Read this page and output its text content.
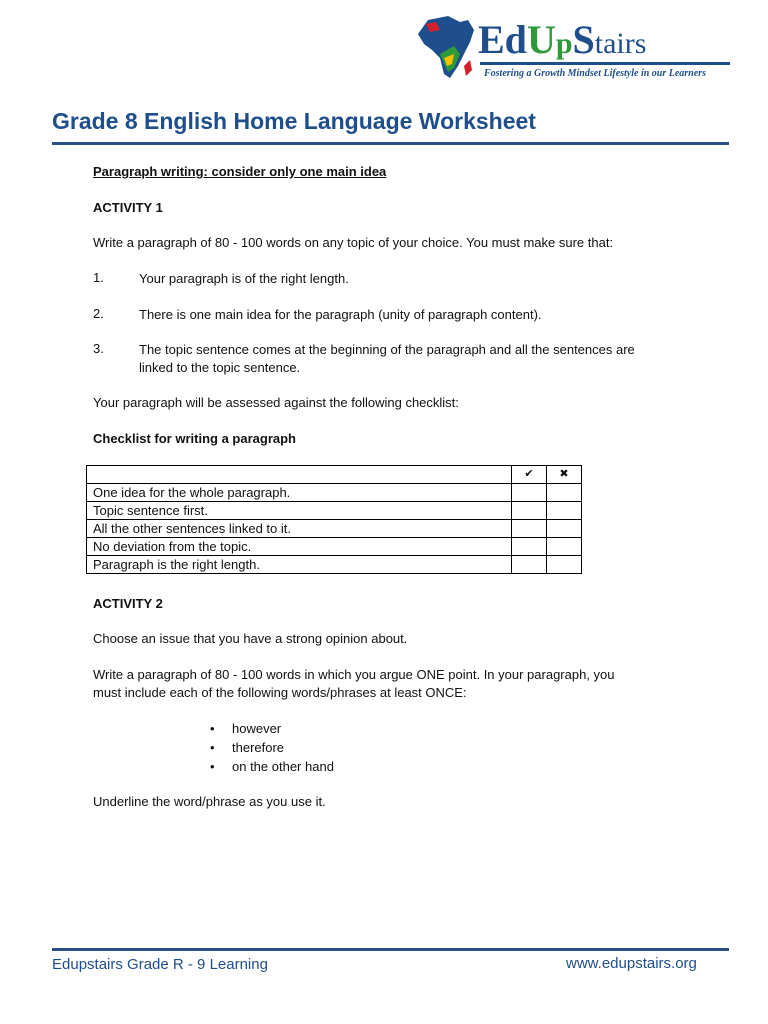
EdUpStairs
Fostering a Growth Mindset Lifestyle in our Learners
Grade 8 English Home Language Worksheet
Paragraph writing: consider only one main idea
ACTIVITY 1
Write a paragraph of 80 - 100 words on any topic of your choice. You must make sure that:
1.	Your paragraph is of the right length.
2.	There is one main idea for the paragraph (unity of paragraph content).
3.	The topic sentence comes at the beginning of the paragraph and all the sentences are linked to the topic sentence.
Your paragraph will be assessed against the following checklist:
Checklist for writing a paragraph
	✔	✖
One idea for the whole paragraph.		
Topic sentence first.		
All the other sentences linked to it.		
No deviation from the topic.		
Paragraph is the right length.		
ACTIVITY 2
Choose an issue that you have a strong opinion about.
Write a paragraph of 80 - 100 words in which you argue ONE point. In your paragraph, you
must include each of the following words/phrases at least ONCE:
• however
• therefore
• on the other hand
Underline the word/phrase as you use it.
Edupstairs Grade R - 9 Learning	www.edupstairs.org
